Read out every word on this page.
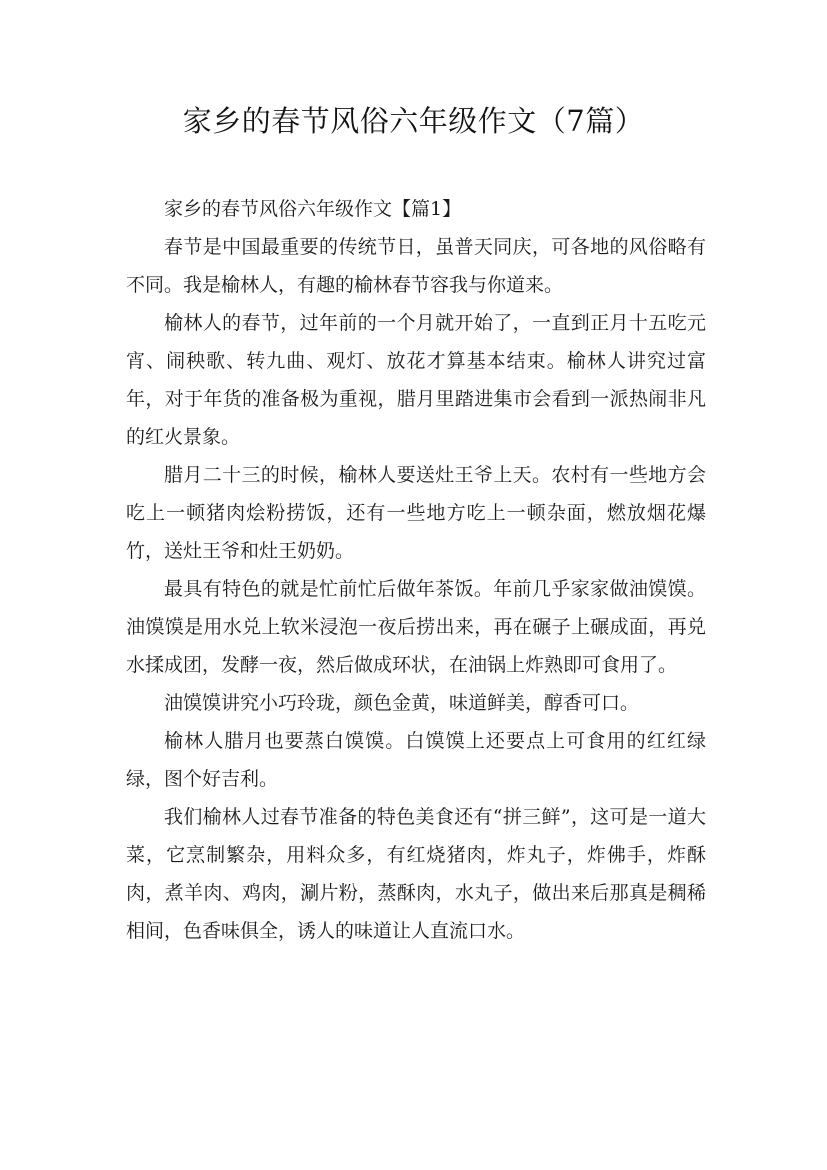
家乡的春节风俗六年级作文（7篇）

家乡的春节风俗六年级作文【篇1】

春节是中国最重要的传统节日，虽普天同庆，可各地的风俗略有不同。我是榆林人，有趣的榆林春节容我与你道来。

榆林人的春节，过年前的一个月就开始了，一直到正月十五吃元宵、闹秧歌、转九曲、观灯、放花才算基本结束。榆林人讲究过富年，对于年货的准备极为重视，腊月里踏进集市会看到一派热闹非凡的红火景象。

腊月二十三的时候，榆林人要送灶王爷上天。农村有一些地方会吃上一顿猪肉烩粉捞饭，还有一些地方吃上一顿杂面，燃放烟花爆竹，送灶王爷和灶王奶奶。

最具有特色的就是忙前忙后做年茶饭。年前几乎家家做油馍馍。油馍馍是用水兑上软米浸泡一夜后捞出来，再在碾子上碾成面，再兑水揉成团，发酵一夜，然后做成环状，在油锅上炸熟即可食用了。

油馍馍讲究小巧玲珑，颜色金黄，味道鲜美，醇香可口。

榆林人腊月也要蒸白馍馍。白馍馍上还要点上可食用的红红绿绿，图个好吉利。

我们榆林人过春节准备的特色美食还有“拼三鲜”，这可是一道大菜，它烹制繁杂，用料众多，有红烧猪肉，炸丸子，炸佛手，炸酥肉，煮羊肉、鸡肉，涮片粉，蒸酥肉，水丸子，做出来后那真是稠稀相间，色香味俱全，诱人的味道让人直流口水。
